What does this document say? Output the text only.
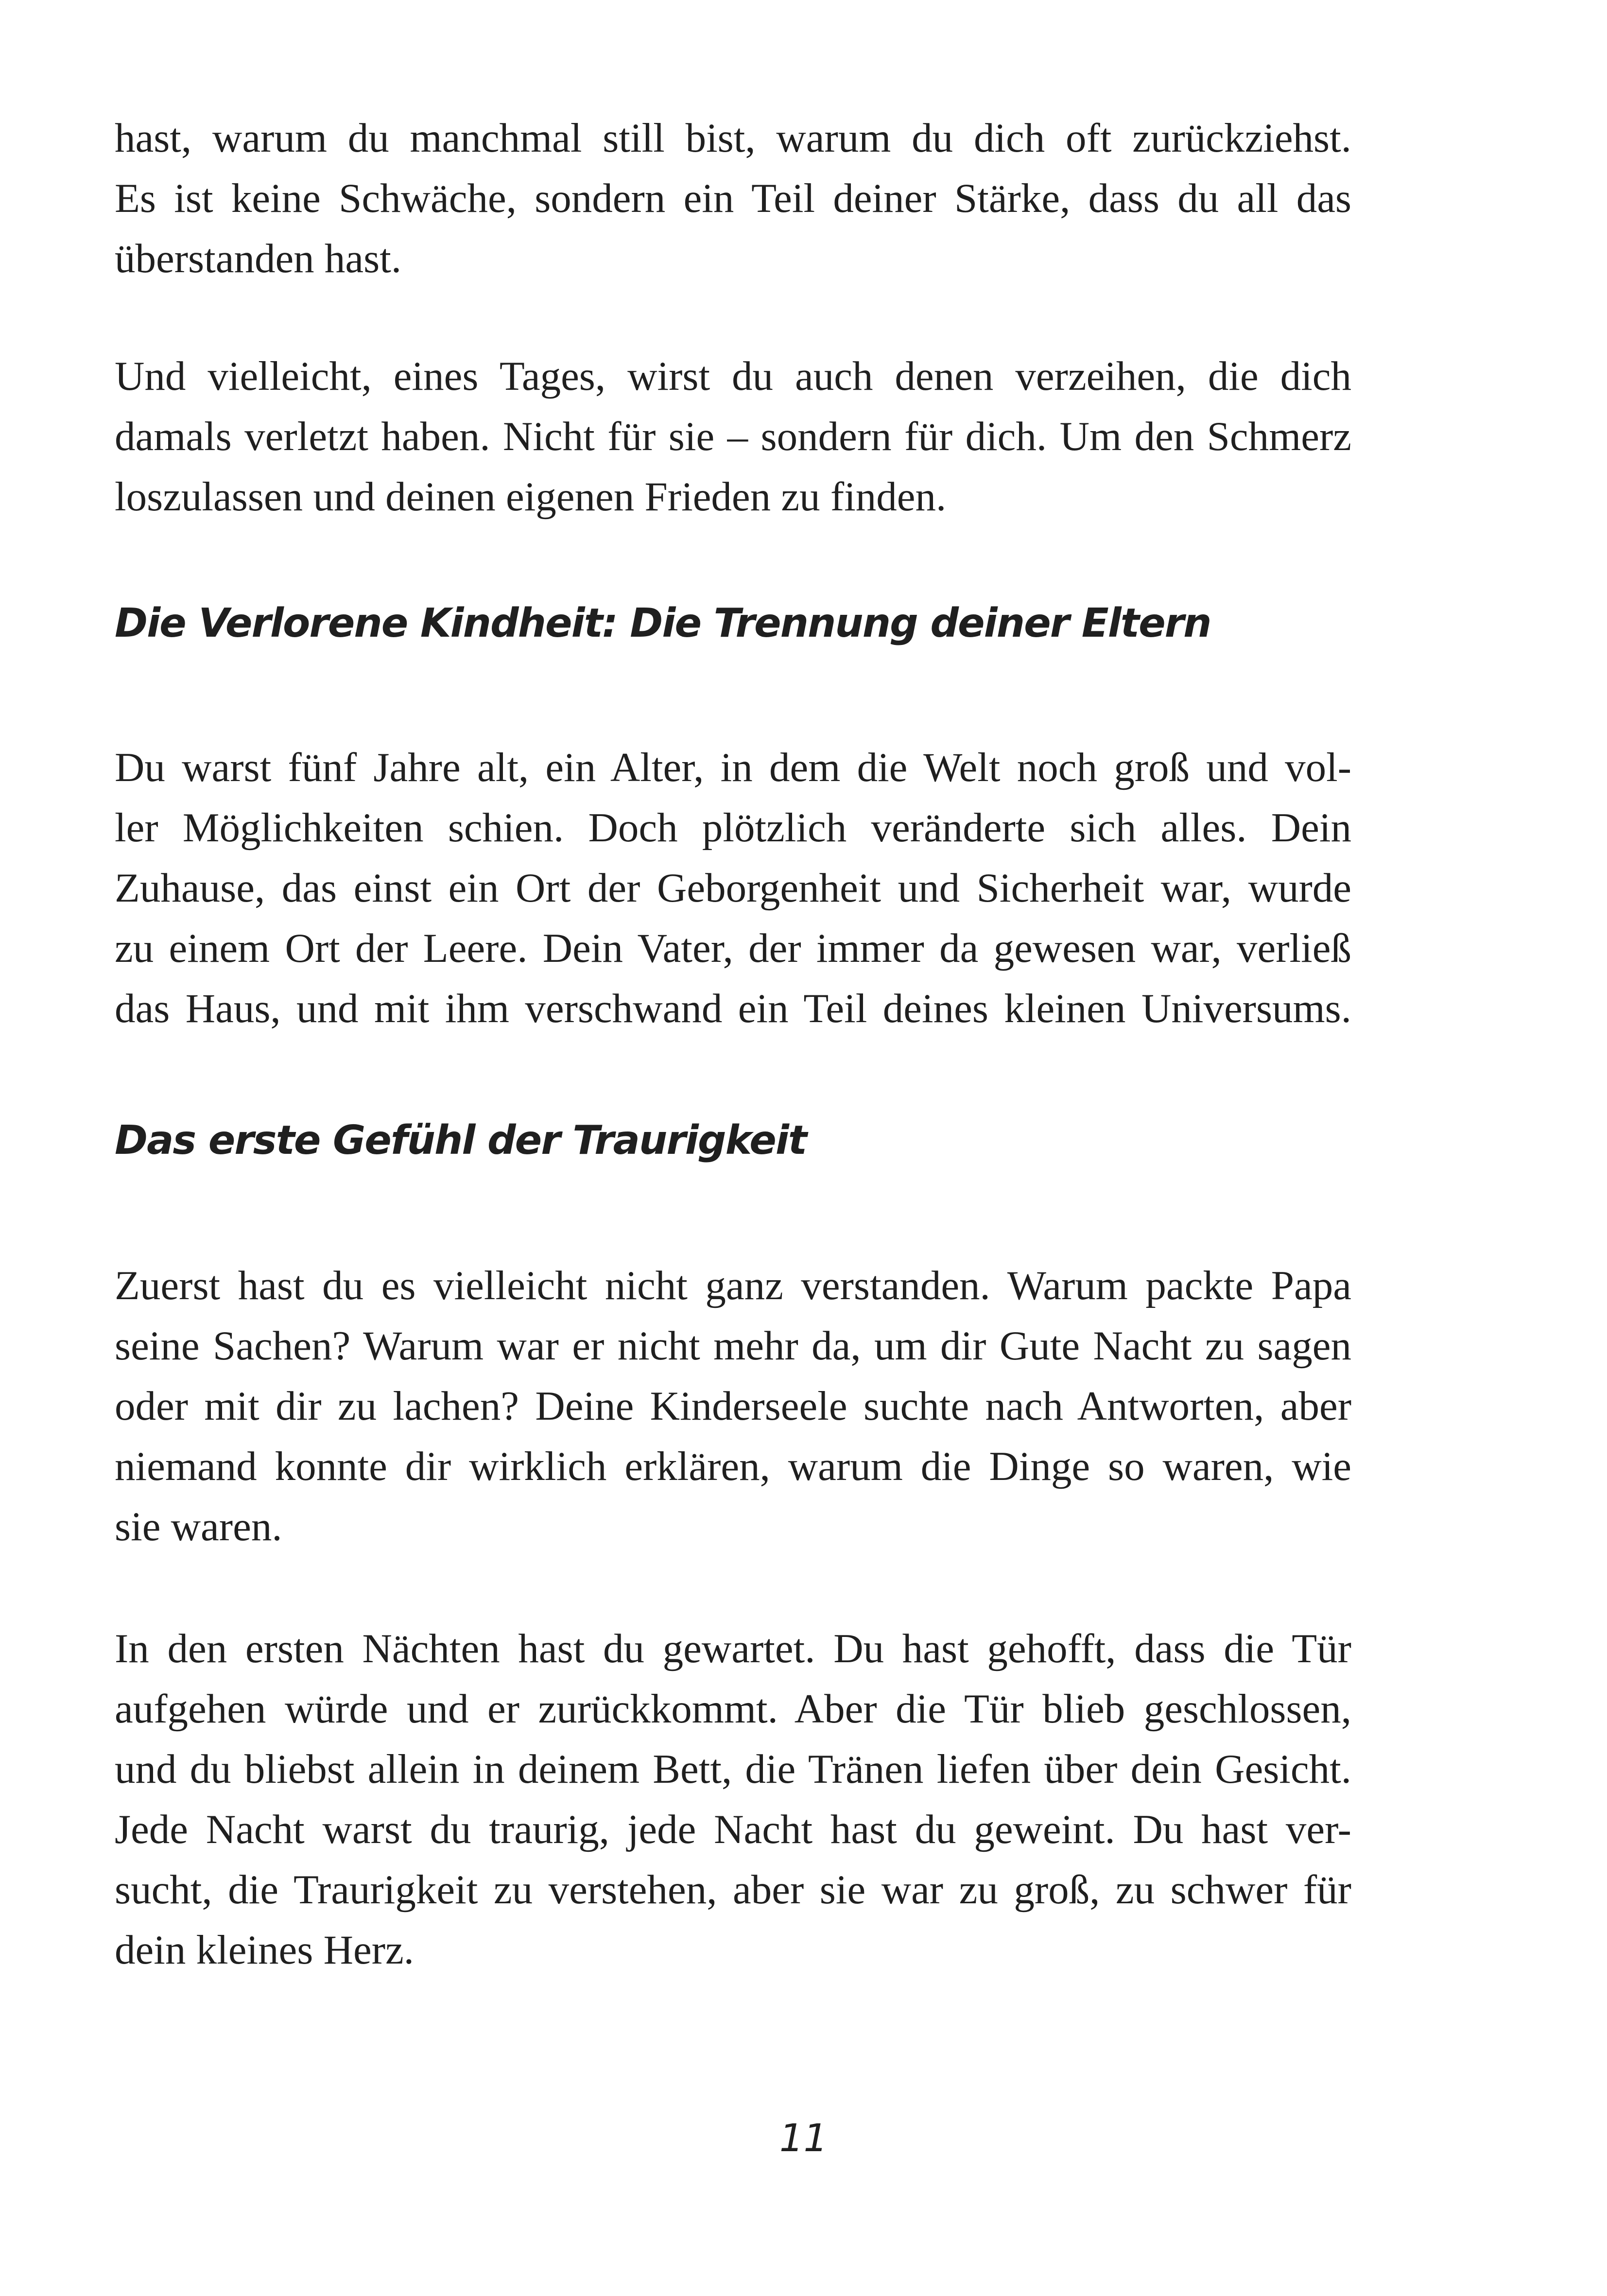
hast, warum du manchmal still bist, warum du dich oft zurückziehst.
Es ist keine Schwäche, sondern ein Teil deiner Stärke, dass du all das
überstanden hast.
Und vielleicht, eines Tages, wirst du auch denen verzeihen, die dich
damals verletzt haben. Nicht für sie – sondern für dich. Um den Schmerz
loszulassen und deinen eigenen Frieden zu finden.
Die Verlorene Kindheit: Die Trennung deiner Eltern
Du warst fünf Jahre alt, ein Alter, in dem die Welt noch groß und vol-
ler Möglichkeiten schien. Doch plötzlich veränderte sich alles. Dein
Zuhause, das einst ein Ort der Geborgenheit und Sicherheit war, wurde
zu einem Ort der Leere. Dein Vater, der immer da gewesen war, verließ
das Haus, und mit ihm verschwand ein Teil deines kleinen Universums.
Das erste Gefühl der Traurigkeit
Zuerst hast du es vielleicht nicht ganz verstanden. Warum packte Papa
seine Sachen? Warum war er nicht mehr da, um dir Gute Nacht zu sagen
oder mit dir zu lachen? Deine Kinderseele suchte nach Antworten, aber
niemand konnte dir wirklich erklären, warum die Dinge so waren, wie
sie waren.
In den ersten Nächten hast du gewartet. Du hast gehofft, dass die Tür
aufgehen würde und er zurückkommt. Aber die Tür blieb geschlossen,
und du bliebst allein in deinem Bett, die Tränen liefen über dein Gesicht.
Jede Nacht warst du traurig, jede Nacht hast du geweint. Du hast ver-
sucht, die Traurigkeit zu verstehen, aber sie war zu groß, zu schwer für
dein kleines Herz.
11
